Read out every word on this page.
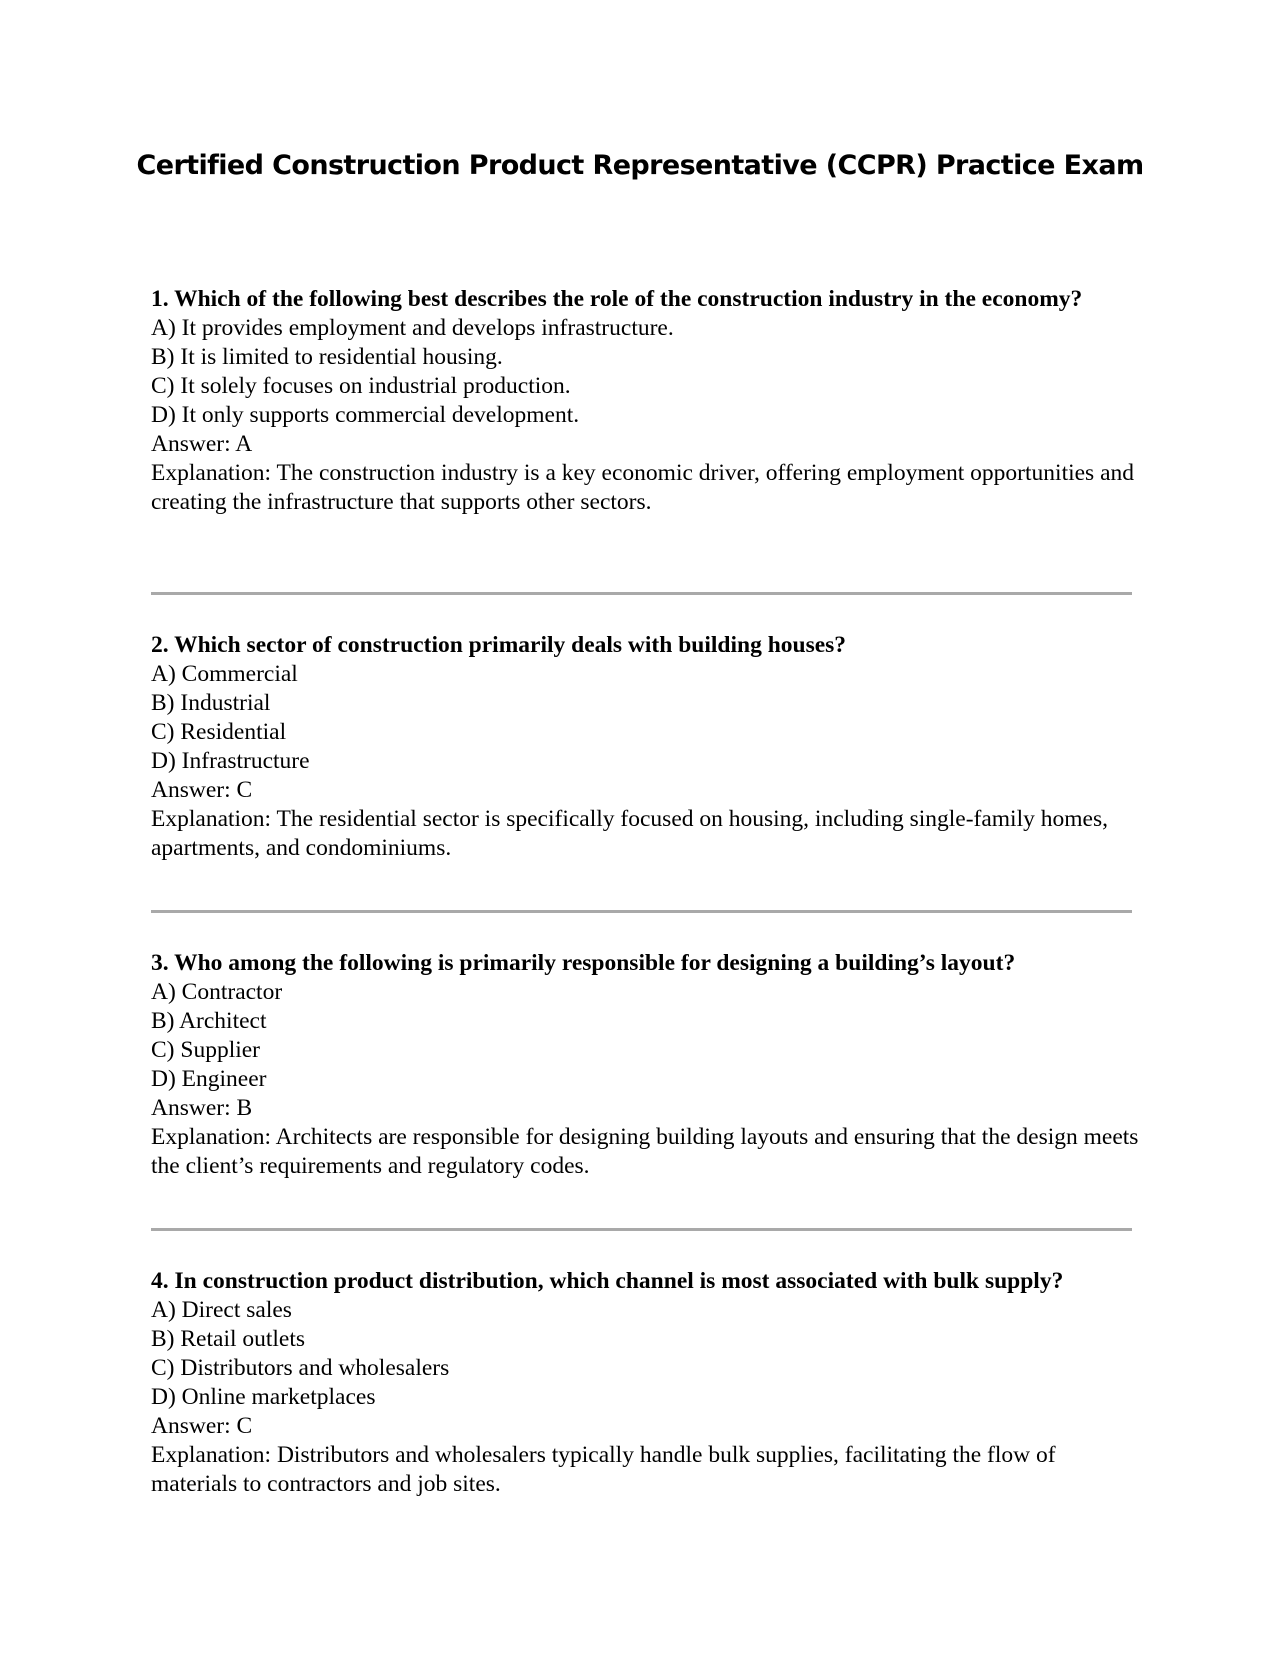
Certified Construction Product Representative (CCPR) Practice Exam

1. Which of the following best describes the role of the construction industry in the economy?

A) It provides employment and develops infrastructure.

B) It is limited to residential housing.

C) It solely focuses on industrial production.

D) It only supports commercial development.

Answer: A

Explanation: The construction industry is a key economic driver, offering employment opportunities and creating the infrastructure that supports other sectors.

2. Which sector of construction primarily deals with building houses?

A) Commercial

B) Industrial

C) Residential

D) Infrastructure

Answer: C

Explanation: The residential sector is specifically focused on housing, including single-family homes, apartments, and condominiums.

3. Who among the following is primarily responsible for designing a building’s layout?

A) Contractor

B) Architect

C) Supplier

D) Engineer

Answer: B

Explanation: Architects are responsible for designing building layouts and ensuring that the design meets the client’s requirements and regulatory codes.

4. In construction product distribution, which channel is most associated with bulk supply?

A) Direct sales

B) Retail outlets

C) Distributors and wholesalers

D) Online marketplaces

Answer: C

Explanation: Distributors and wholesalers typically handle bulk supplies, facilitating the flow of materials to contractors and job sites.
